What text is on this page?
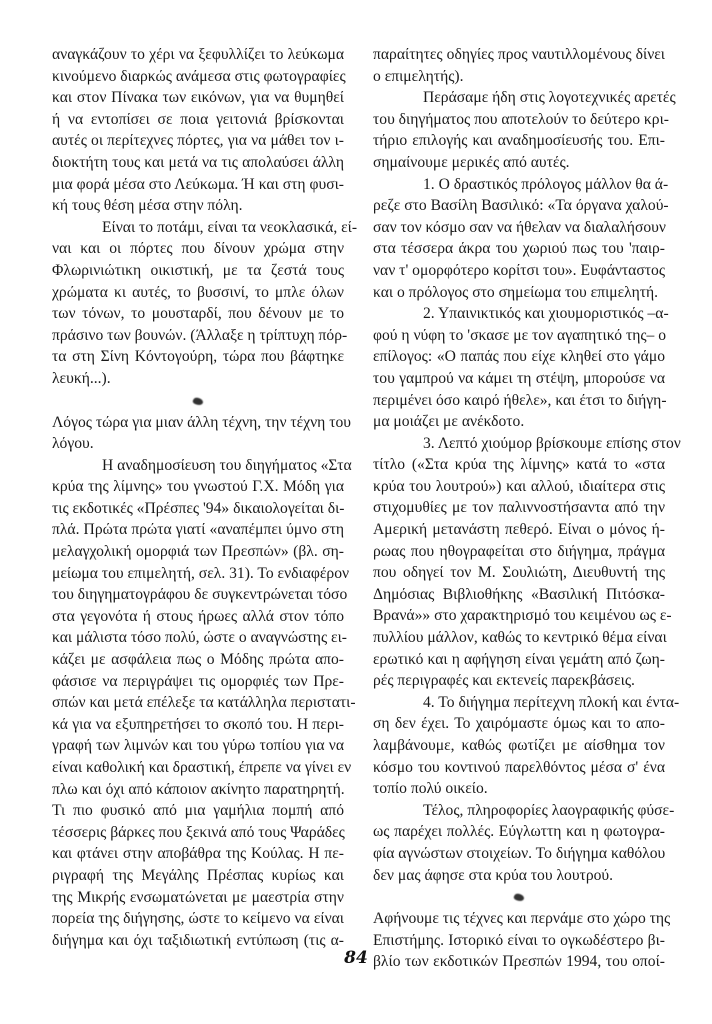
αναγκάζουν το χέρι να ξεφυλλίζει το λεύκωμα
κινούμενο διαρκώς ανάμεσα στις φωτογραφίες
και στον Πίνακα των εικόνων, για να θυμηθεί
ή να εντοπίσει σε ποια γειτονιά βρίσκονται
αυτές οι περίτεχνες πόρτες, για να μάθει τον ι-
διοκτήτη τους και μετά να τις απολαύσει άλλη
μια φορά μέσα στο Λεύκωμα. Ή και στη φυσι-
κή τους θέση μέσα στην πόλη.
Είναι το ποτάμι, είναι τα νεοκλασικά, εί-
ναι και οι πόρτες που δίνουν χρώμα στην
Φλωρινιώτικη οικιστική, με τα ζεστά τους
χρώματα κι αυτές, το βυσσινί, το μπλε όλων
των τόνων, το μουσταρδί, που δένουν με το
πράσινο των βουνών. (Άλλαξε η τρίπτυχη πόρ-
τα στη Σίνη Κόντογούρη, τώρα που βάφτηκε
λευκή...).
Λόγος τώρα για μιαν άλλη τέχνη, την τέχνη του
λόγου.
Η αναδημοσίευση του διηγήματος «Στα
κρύα της λίμνης» του γνωστού Γ.Χ. Μόδη για
τις εκδοτικές «Πρέσπες '94» δικαιολογείται δι-
πλά. Πρώτα πρώτα γιατί «αναπέμπει ύμνο στη
μελαγχολική ομορφιά των Πρεσπών» (βλ. ση-
μείωμα του επιμελητή, σελ. 31). Το ενδιαφέρον
του διηγηματογράφου δε συγκεντρώνεται τόσο
στα γεγονότα ή στους ήρωες αλλά στον τόπο
και μάλιστα τόσο πολύ, ώστε ο αναγνώστης ει-
κάζει με ασφάλεια πως ο Μόδης πρώτα απο-
φάσισε να περιγράψει τις ομορφιές των Πρε-
σπών και μετά επέλεξε τα κατάλληλα περιστατι-
κά για να εξυπηρετήσει το σκοπό του. Η περι-
γραφή των λιμνών και του γύρω τοπίου για να
είναι καθολική και δραστική, έπρεπε να γίνει εν
πλω και όχι από κάποιον ακίνητο παρατηρητή.
Τι πιο φυσικό από μια γαμήλια πομπή από
τέσσερις βάρκες που ξεκινά από τους Ψαράδες
και φτάνει στην αποβάθρα της Κούλας. Η πε-
ριγραφή της Μεγάλης Πρέσπας κυρίως και
της Μικρής ενσωματώνεται με μαεστρία στην
πορεία της διήγησης, ώστε το κείμενο να είναι
διήγημα και όχι ταξιδιωτική εντύπωση (τις α-
παραίτητες οδηγίες προς ναυτιλλομένους δίνει
ο επιμελητής).
Περάσαμε ήδη στις λογοτεχνικές αρετές
του διηγήματος που αποτελούν το δεύτερο κρι-
τήριο επιλογής και αναδημοσίευσής του. Επι-
σημαίνουμε μερικές από αυτές.
1. Ο δραστικός πρόλογος μάλλον θα ά-
ρεζε στο Βασίλη Βασιλικό: «Τα όργανα χαλού-
σαν τον κόσμο σαν να ήθελαν να διαλαλήσουν
στα τέσσερα άκρα του χωριού πως του 'παιρ-
ναν τ' ομορφότερο κορίτσι του». Ευφάνταστος
και ο πρόλογος στο σημείωμα του επιμελητή.
2. Υπαινικτικός και χιουμοριστικός –α-
φού η νύφη το 'σκασε με τον αγαπητικό της– ο
επίλογος: «Ο παπάς που είχε κληθεί στο γάμο
του γαμπρού να κάμει τη στέψη, μπορούσε να
περιμένει όσο καιρό ήθελε», και έτσι το διήγη-
μα μοιάζει με ανέκδοτο.
3. Λεπτό χιούμορ βρίσκουμε επίσης στον
τίτλο («Στα κρύα της λίμνης» κατά το «στα
κρύα του λουτρού») και αλλού, ιδιαίτερα στις
στιχομυθίες με τον παλιννοστήσαντα από την
Αμερική μετανάστη πεθερό. Είναι ο μόνος ή-
ρωας που ηθογραφείται στο διήγημα, πράγμα
που οδηγεί τον Μ. Σουλιώτη, Διευθυντή της
Δημόσιας Βιβλιοθήκης «Βασιλική Πιτόσκα-
Βρανά»» στο χαρακτηρισμό του κειμένου ως ε-
πυλλίου μάλλον, καθώς το κεντρικό θέμα είναι
ερωτικό και η αφήγηση είναι γεμάτη από ζωη-
ρές περιγραφές και εκτενείς παρεκβάσεις.
4. Το διήγημα περίτεχνη πλοκή και έντα-
ση δεν έχει. Το χαιρόμαστε όμως και το απο-
λαμβάνουμε, καθώς φωτίζει με αίσθημα τον
κόσμο του κοντινού παρελθόντος μέσα σ' ένα
τοπίο πολύ οικείο.
Τέλος, πληροφορίες λαογραφικής φύσε-
ως παρέχει πολλές. Εύγλωττη και η φωτογρα-
φία αγνώστων στοιχείων. Το διήγημα καθόλου
δεν μας άφησε στα κρύα του λουτρού.
Αφήνουμε τις τέχνες και περνάμε στο χώρο της
Επιστήμης. Ιστορικό είναι το ογκωδέστερο βι-
βλίο των εκδοτικών Πρεσπών 1994, του οποί-
84
